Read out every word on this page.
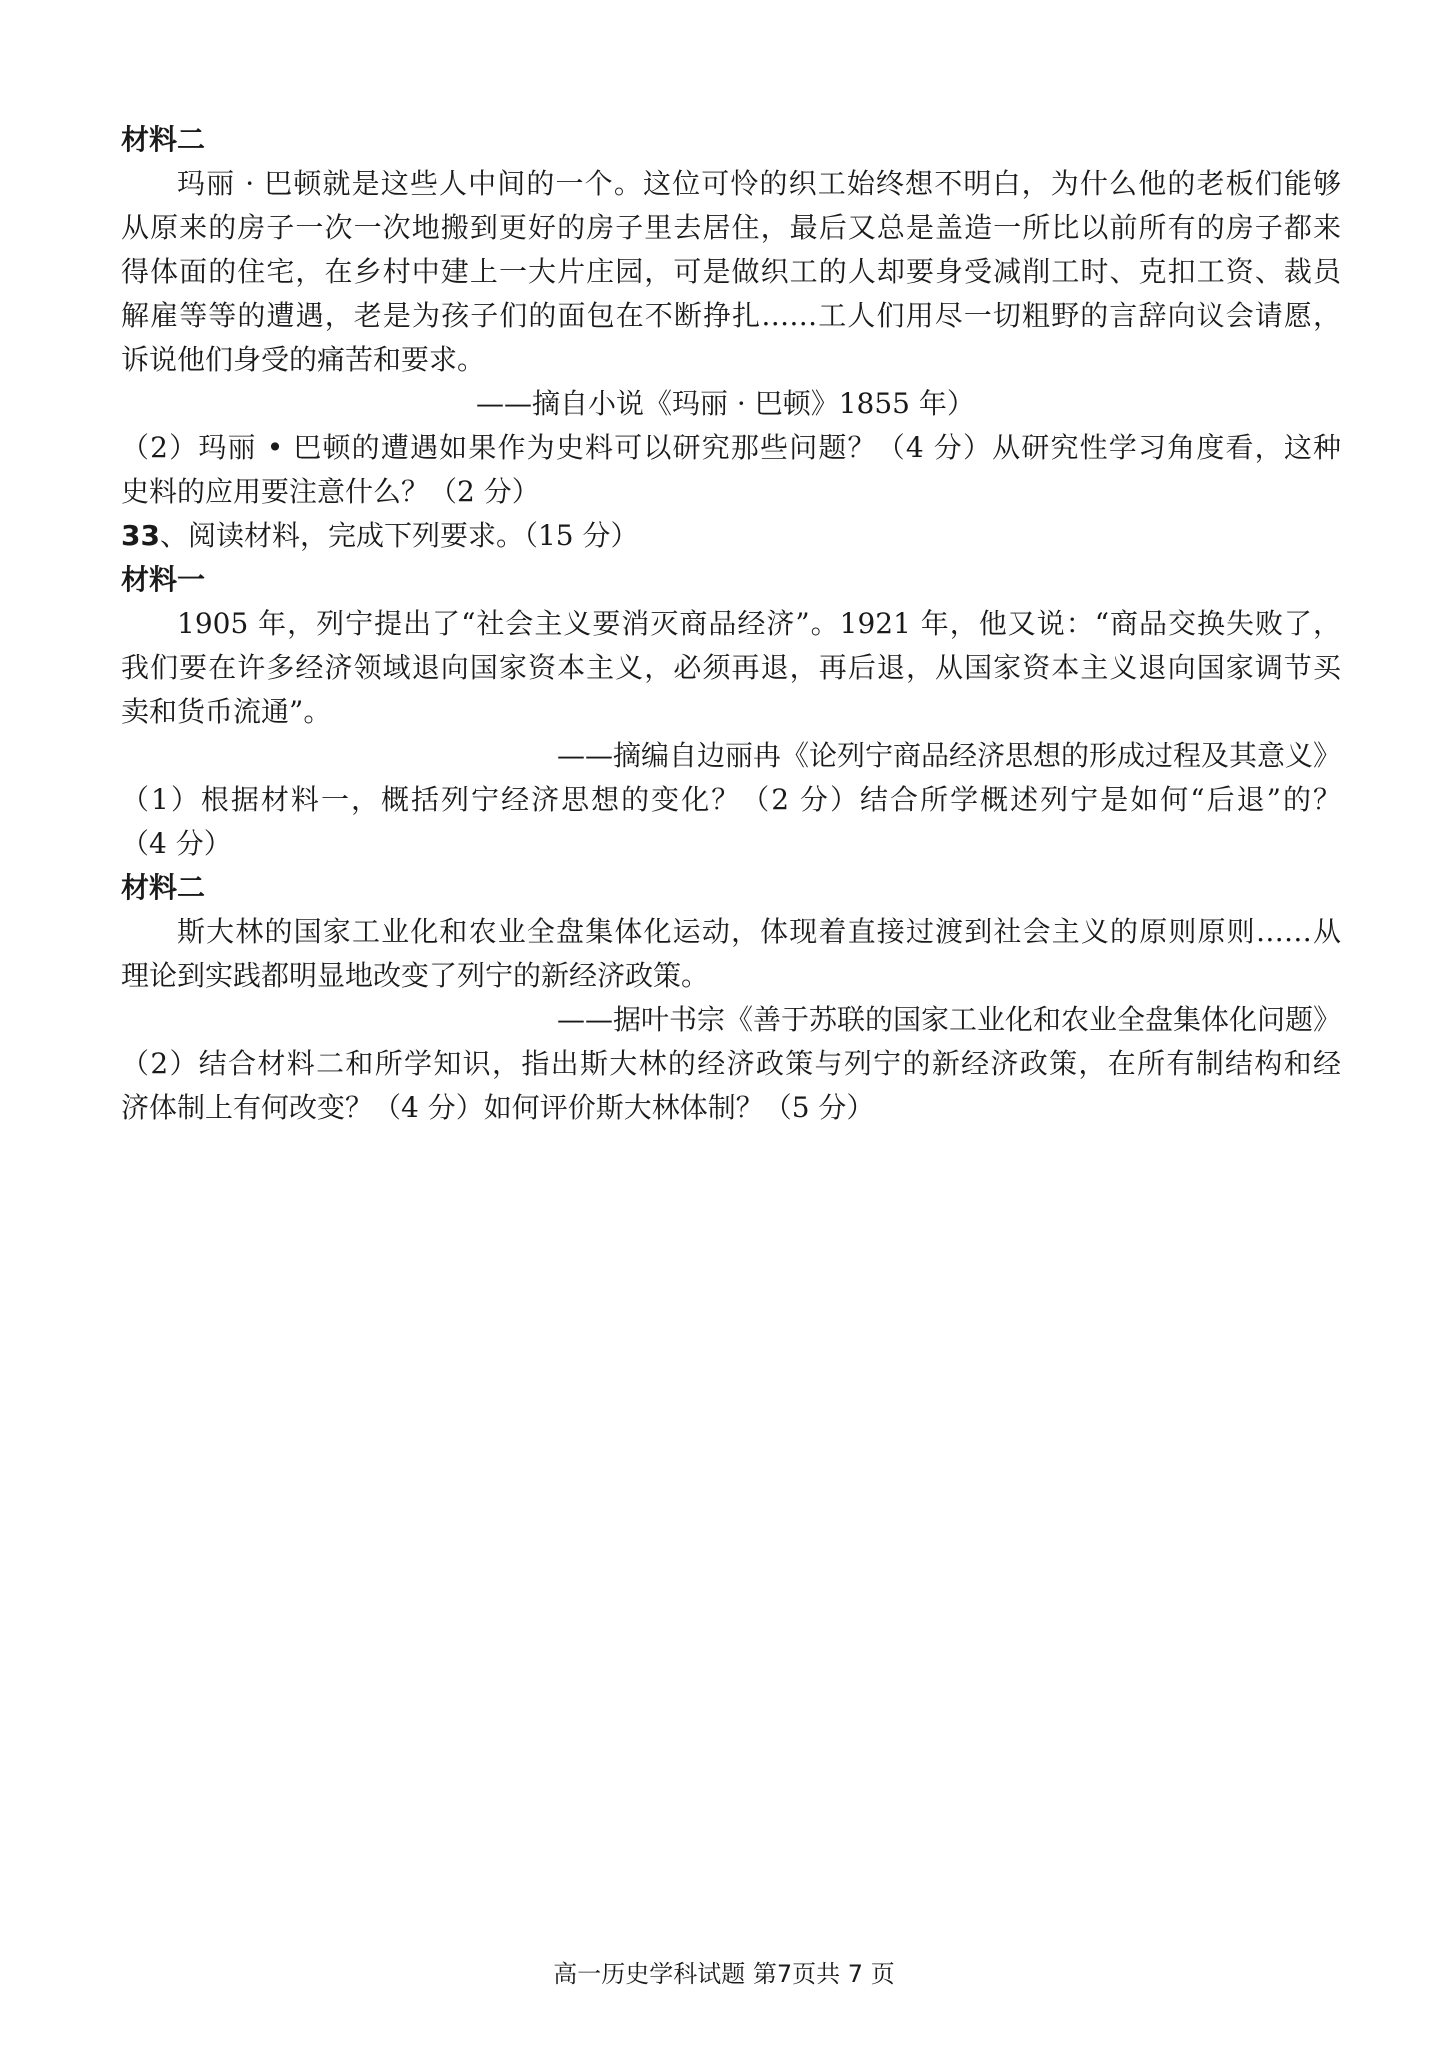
材料二
玛丽 · 巴顿就是这些人中间的一个。这位可怜的织工始终想不明白，为什么他的老板们能够
从原来的房子一次一次地搬到更好的房子里去居住，最后又总是盖造一所比以前所有的房子都来
得体面的住宅，在乡村中建上一大片庄园，可是做织工的人却要身受减削工时、克扣工资、裁员
解雇等等的遭遇，老是为孩子们的面包在不断挣扎……工人们用尽一切粗野的言辞向议会请愿，
诉说他们身受的痛苦和要求。
——摘自小说《玛丽 · 巴顿》1855 年）
（2）玛丽 • 巴顿的遭遇如果作为史料可以研究那些问题？（4 分）从研究性学习角度看，这种
史料的应用要注意什么？（2 分）
33、阅读材料，完成下列要求。（15 分）
材料一
1905 年，列宁提出了“社会主义要消灭商品经济”。1921 年，他又说：“商品交换失败了，
我们要在许多经济领域退向国家资本主义，必须再退，再后退，从国家资本主义退向国家调节买
卖和货币流通”。
——摘编自边丽冉《论列宁商品经济思想的形成过程及其意义》
（1）根据材料一，概括列宁经济思想的变化？（2 分）结合所学概述列宁是如何“后退”的？
（4 分）
材料二
斯大林的国家工业化和农业全盘集体化运动，体现着直接过渡到社会主义的原则原则……从
理论到实践都明显地改变了列宁的新经济政策。
——据叶书宗《善于苏联的国家工业化和农业全盘集体化问题》
（2）结合材料二和所学知识，指出斯大林的经济政策与列宁的新经济政策，在所有制结构和经
济体制上有何改变？（4 分）如何评价斯大林体制？（5 分）
高一历史学科试题 第7页共 7 页
